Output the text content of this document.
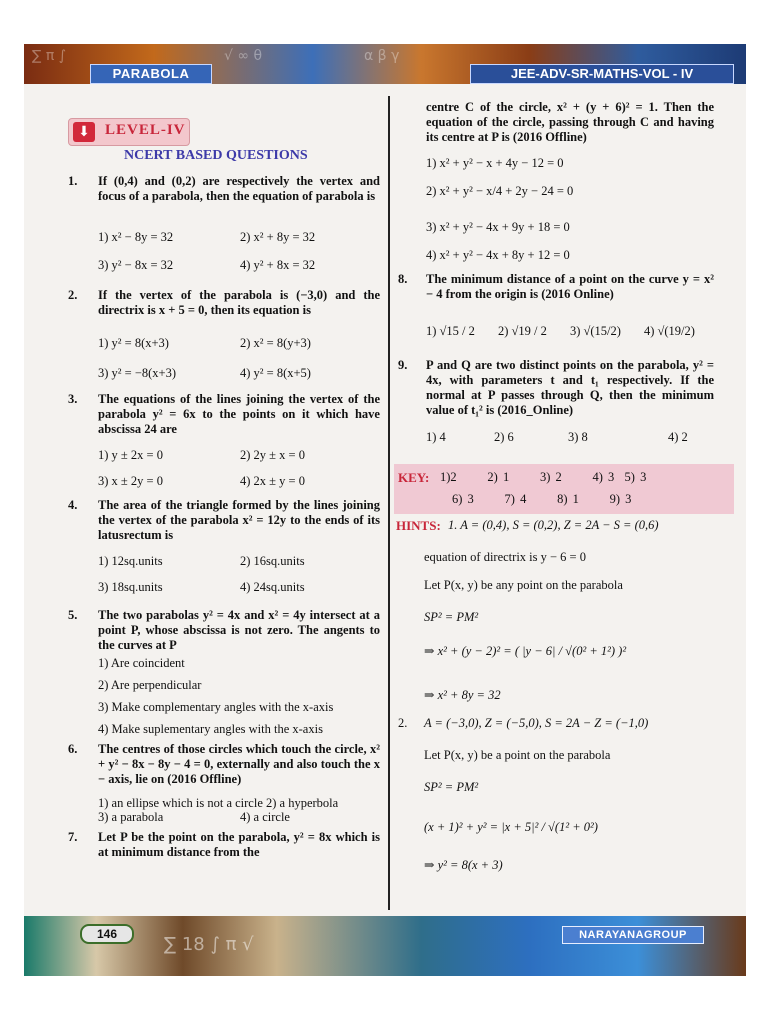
∑ π ∫	√ ∞ θ	α β γ
PARABOLA	JEE-ADV-SR-MATHS-VOL - IV
⬇	LEVEL-IV
NCERT BASED QUESTIONS
1. If (0,4) and (0,2) are respectively the vertex and focus of a parabola, then the equation of parabola is
1) x² − 8y = 32	2) x² + 8y = 32
3) y² − 8x = 32	4) y² + 8x = 32
2. If the vertex of the parabola is (−3,0) and the directrix is x + 5 = 0, then its equation is
1) y² = 8(x+3)	2) x² = 8(y+3)
3) y² = −8(x+3)	4) y² = 8(x+5)
3. The equations of the lines joining the vertex of the parabola y² = 6x to the points on it which have abscissa 24 are
1) y ± 2x = 0	2) 2y ± x = 0
3) x ± 2y = 0	4) 2x ± y = 0
4. The area of the triangle formed by the lines joining the vertex of the parabola x² = 12y to the ends of its latusrectum is
1) 12sq.units	2) 16sq.units
3) 18sq.units	4) 24sq.units
5. The two parabolas y² = 4x and x² = 4y intersect at a point P, whose abscissa is not zero. The angents to the curves at P
1) Are coincident
2) Are perpendicular
3) Make complementary angles with the x-axis
4) Make suplementary angles with the x-axis
6. The centres of those circles which touch the circle, x² + y² − 8x − 8y − 4 = 0, externally and also touch the x − axis, lie on (2016 Offline)
1) an ellipse which is not a circle 2) a hyperbola
3) a parabola	4) a circle
7. Let P be the point on the parabola, y² = 8x which is at minimum distance from the
centre C of the circle, x² + (y + 6)² = 1. Then the equation of the circle, passing through C and having its centre at P is (2016 Offline)
1) x² + y² − x + 4y − 12 = 0
2) x² + y² − x/4 + 2y − 24 = 0
3) x² + y² − 4x + 9y + 18 = 0
4) x² + y² − 4x + 8y + 12 = 0
8. The minimum distance of a point on the curve y = x² − 4 from the origin is (2016 Online)
1) √15 / 2 2) √19 / 2 3) √(15/2) 4) √(19/2)
9. P and Q are two distinct points on the parabola, y² = 4x, with parameters t and t₁ respectively. If the normal at P passes through Q, then the minimum value of t₁² is (2016_Online)
1) 4	2) 6	3) 8	4) 2
KEY: 1)2      2) 1      3) 2      4) 3  5) 3
6) 3      7) 4      8) 1      9) 3
HINTS: 1. A = (0,4), S = (0,2), Z = 2A − S = (0,6)
equation of directrix is y − 6 = 0
Let P(x, y) be any point on the parabola
SP² = PM²
⇒ x² + (y − 2)² = ( |y − 6| / √(0² + 1²) )²
⇒ x² + 8y = 32
2. A = (−3,0), Z = (−5,0), S = 2A − Z = (−1,0)
Let P(x, y) be a point on the parabola
SP² = PM²
(x + 1)² + y² = |x + 5|² / √(1² + 0²)
⇒ y² = 8(x + 3)
∑ 18 ∫ π √
146	NARAYANAGROUP
